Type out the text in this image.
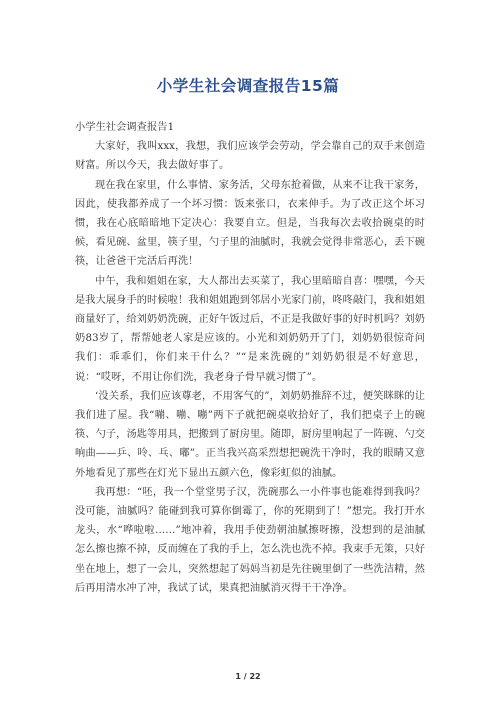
小学生社会调查报告15篇

小学生社会调查报告1

大家好，我叫xxx，我想，我们应该学会劳动，学会靠自己的双手来创造财富。所以今天，我去做好事了。

现在我在家里，什么事情、家务活，父母东抢着做，从来不让我干家务，因此，使我都养成了一个坏习惯：饭来张口，衣来伸手。为了改正这个坏习惯，我在心底暗暗地下定决心：我要自立。但是，当我每次去收拾碗桌的时候，看见碗、盆里，筷子里，勺子里的油腻时，我就会觉得非常恶心，丢下碗筷，让爸爸干完活后再洗！

中午，我和姐姐在家，大人都出去买菜了，我心里暗暗自喜：嘿嘿，今天是我大展身手的时候啦！我和姐姐跑到邻居小光家门前，咚咚敲门，我和姐姐商量好了，给刘奶奶洗碗，正好午饭过后，不正是我做好事的好时机吗？刘奶奶83岁了，帮帮她老人家是应该的。小光和刘奶奶开了门，刘奶奶很惊奇问我们：乖乖们，你们来干什么？”“是来洗碗的”刘奶奶很是不好意思，说：“哎呀，不用让你们洗，我老身子骨早就习惯了”。

‘没关系，我们应该尊老，不用客气的”，刘奶奶推辞不过，便笑眯眯的让我们进了屋。我“嘣、嘣、嘣”两下子就把碗桌收拾好了，我们把桌子上的碗筷、勺子，汤匙等用具，把搬到了厨房里。随即，厨房里响起了一阵碗、勺交响曲——乒、呤、乓、嘟”。正当我兴高采烈想把碗洗干净时，我的眼睛又意外地看见了那些在灯光下显出五颜六色，像彩虹似的油腻。

我再想：“呸，我一个堂堂男子汉，洗碗那么一小件事也能难得到我吗？没可能，油腻吗？能碰到我可算你倒霉了，你的死期到了！”想完。我打开水龙头，水“哗啦啦……”地冲着，我用手使劲朝油腻擦呀擦，没想到的是油腻怎么擦也擦不掉，反而缠在了我的手上，怎么洗也洗不掉。我束手无策，只好坐在地上，想了一会儿，突然想起了妈妈当初是先往碗里倒了一些洗洁精，然后再用清水冲了冲，我试了试，果真把油腻消灭得干干净净。

1 / 22
